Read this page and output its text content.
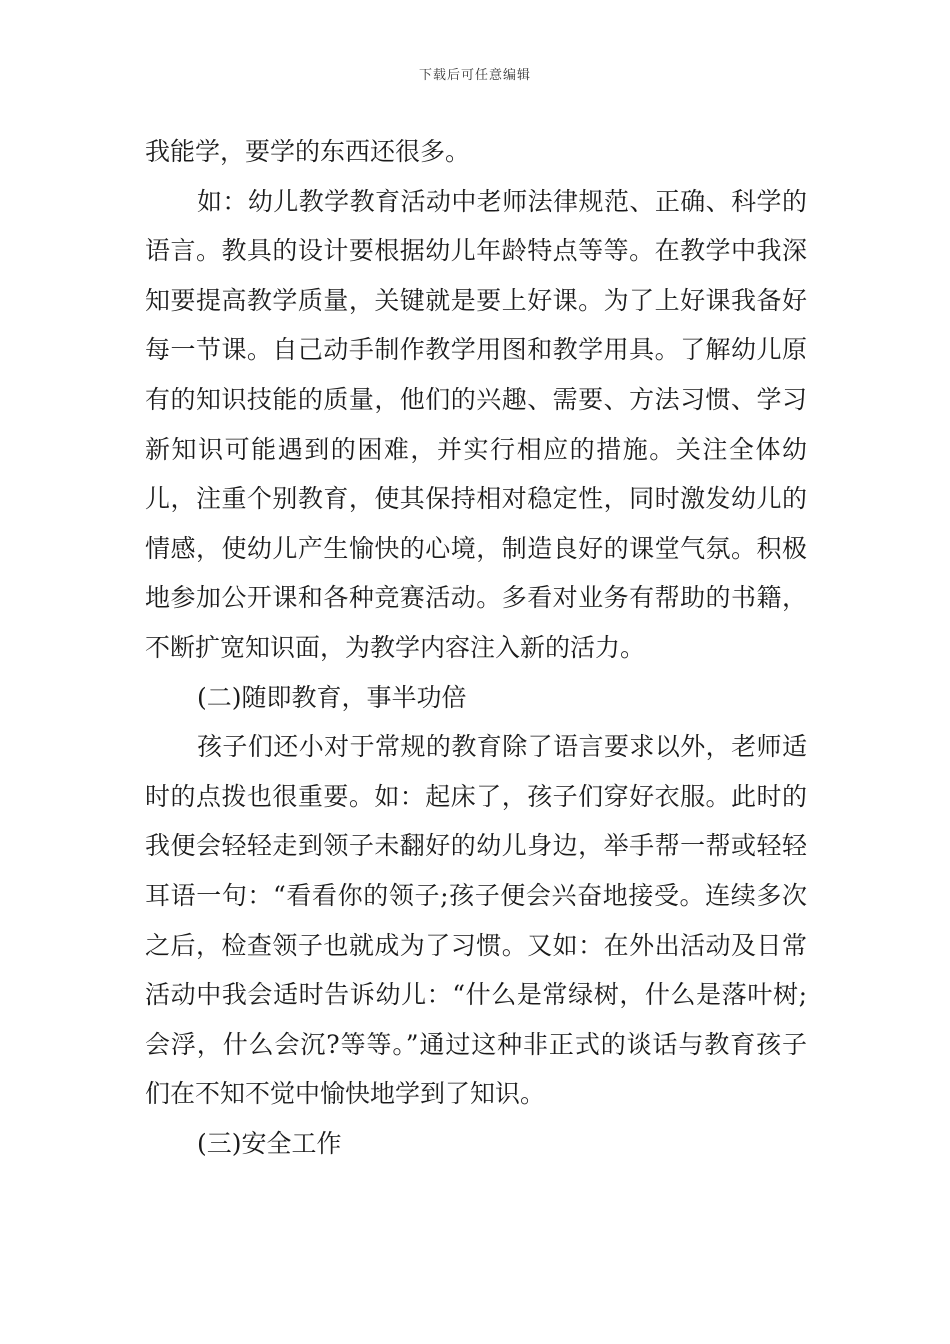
下载后可任意编辑

我能学，要学的东西还很多。

如：幼儿教学教育活动中老师法律规范、正确、科学的语言。教具的设计要根据幼儿年龄特点等等。在教学中我深知要提高教学质量，关键就是要上好课。为了上好课我备好每一节课。自己动手制作教学用图和教学用具。了解幼儿原有的知识技能的质量，他们的兴趣、需要、方法习惯、学习新知识可能遇到的困难，并实行相应的措施。关注全体幼儿，注重个别教育，使其保持相对稳定性，同时激发幼儿的情感，使幼儿产生愉快的心境，制造良好的课堂气氛。积极地参加公开课和各种竞赛活动。多看对业务有帮助的书籍，不断扩宽知识面，为教学内容注入新的活力。

(二)随即教育，事半功倍

孩子们还小对于常规的教育除了语言要求以外，老师适时的点拨也很重要。如：起床了，孩子们穿好衣服。此时的我便会轻轻走到领子未翻好的幼儿身边，举手帮一帮或轻轻耳语一句：“看看你的领子;孩子便会兴奋地接受。连续多次之后，检查领子也就成为了习惯。又如：在外出活动及日常活动中我会适时告诉幼儿：“什么是常绿树，什么是落叶树;会浮，什么会沉?等等。”通过这种非正式的谈话与教育孩子们在不知不觉中愉快地学到了知识。

(三)安全工作
